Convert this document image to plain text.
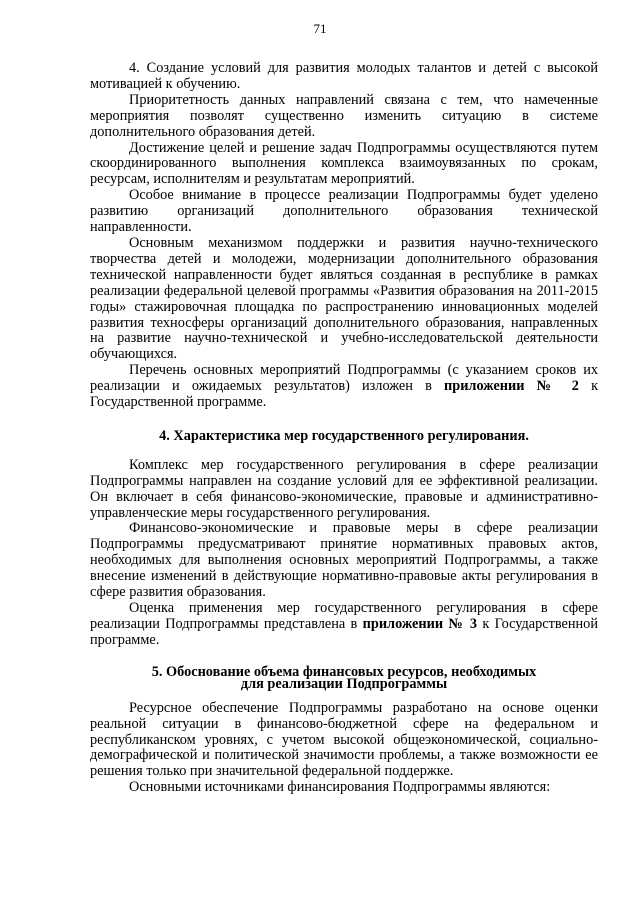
71

4. Создание условий для развития молодых талантов и детей с высокой мотивацией к обучению.

Приоритетность данных направлений связана с тем, что намеченные мероприятия позволят существенно изменить ситуацию в системе дополнительного образования детей.

Достижение целей и решение задач Подпрограммы осуществляются путем скоординированного выполнения комплекса взаимоувязанных по срокам, ресурсам, исполнителям и результатам мероприятий.

Особое внимание в процессе реализации Подпрограммы будет уделено развитию организаций дополнительного образования технической направленности.

Основным механизмом поддержки и развития научно-технического творчества детей и молодежи, модернизации дополнительного образования технической направленности будет являться созданная в республике в рамках реализации федеральной целевой программы «Развития образования на 2011-2015 годы» стажировочная площадка по распространению инновационных моделей развития техносферы организаций дополнительного образования, направленных на развитие научно-технической и учебно-исследовательской деятельности обучающихся.

Перечень основных мероприятий Подпрограммы (с указанием сроков их реализации и ожидаемых результатов) изложен в приложении № 2 к Государственной программе.

4. Характеристика мер государственного регулирования.

Комплекс мер государственного регулирования в сфере реализации Подпрограммы направлен на создание условий для ее эффективной реализации. Он включает в себя финансово-экономические, правовые и административно-управленческие меры государственного регулирования.

Финансово-экономические и правовые меры в сфере реализации Подпрограммы предусматривают принятие нормативных правовых актов, необходимых для выполнения основных мероприятий Подпрограммы, а также внесение изменений в действующие нормативно-правовые акты регулирования в сфере развития образования.

Оценка применения мер государственного регулирования в сфере реализации Подпрограммы представлена в приложении № 3 к Государственной программе.

5. Обоснование объема финансовых ресурсов, необходимых
для реализации Подпрограммы

Ресурсное обеспечение Подпрограммы разработано на основе оценки реальной ситуации в финансово-бюджетной сфере на федеральном и республиканском уровнях, с учетом высокой общеэкономической, социально-демографической и политической значимости проблемы, а также возможности ее решения только при значительной федеральной поддержке.

Основными источниками финансирования Подпрограммы являются:
